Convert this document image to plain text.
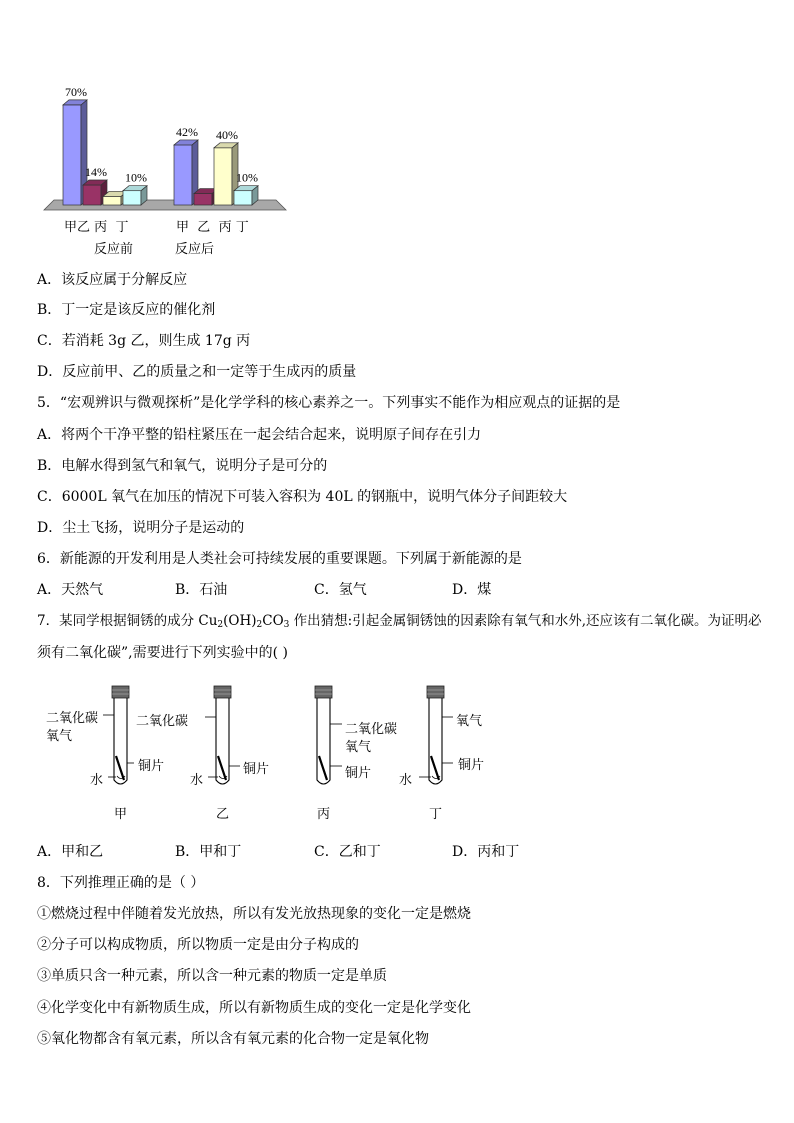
70%
14% 10%
42% 40%
10%
甲乙 丙 丁
反应前
甲 乙 丙 丁
反应后
A．该反应属于分解反应
B．丁一定是该反应的催化剂
C．若消耗 3g 乙，则生成 17g 丙
D．反应前甲、乙的质量之和一定等于生成丙的质量
5．“宏观辨识与微观探析”是化学学科的核心素养之一。下列事实不能作为相应观点的证据的是
A．将两个干净平整的铅柱紧压在一起会结合起来，说明原子间存在引力
B．电解水得到氢气和氧气，说明分子是可分的
C．6000L 氧气在加压的情况下可装入容积为 40L 的钢瓶中，说明气体分子间距较大
D．尘土飞扬，说明分子是运动的
6．新能源的开发利用是人类社会可持续发展的重要课题。下列属于新能源的是
A．天然气	B．石油	C．氢气	D．煤
7．某同学根据铜锈的成分 $Cu_2(OH)_2CO_3$ 作出猜想:引起金属铜锈蚀的因素除有氧气和水外,还应该有二氧化碳。为证明必
须有二氧化碳”,需要进行下列实验中的( )
二氧化碳
氧气
铜片
水
甲
二氧化碳
铜片
水
乙
二氧化碳
氧气
铜片
丙
氧气
铜片
水
丁
A．甲和乙	B．甲和丁	C．乙和丁	D．丙和丁
8．下列推理正确的是（ ）
①燃烧过程中伴随着发光放热，所以有发光放热现象的变化一定是燃烧
②分子可以构成物质，所以物质一定是由分子构成的
③单质只含一种元素，所以含一种元素的物质一定是单质
④化学变化中有新物质生成，所以有新物质生成的变化一定是化学变化
⑤氧化物都含有氧元素，所以含有氧元素的化合物一定是氧化物
